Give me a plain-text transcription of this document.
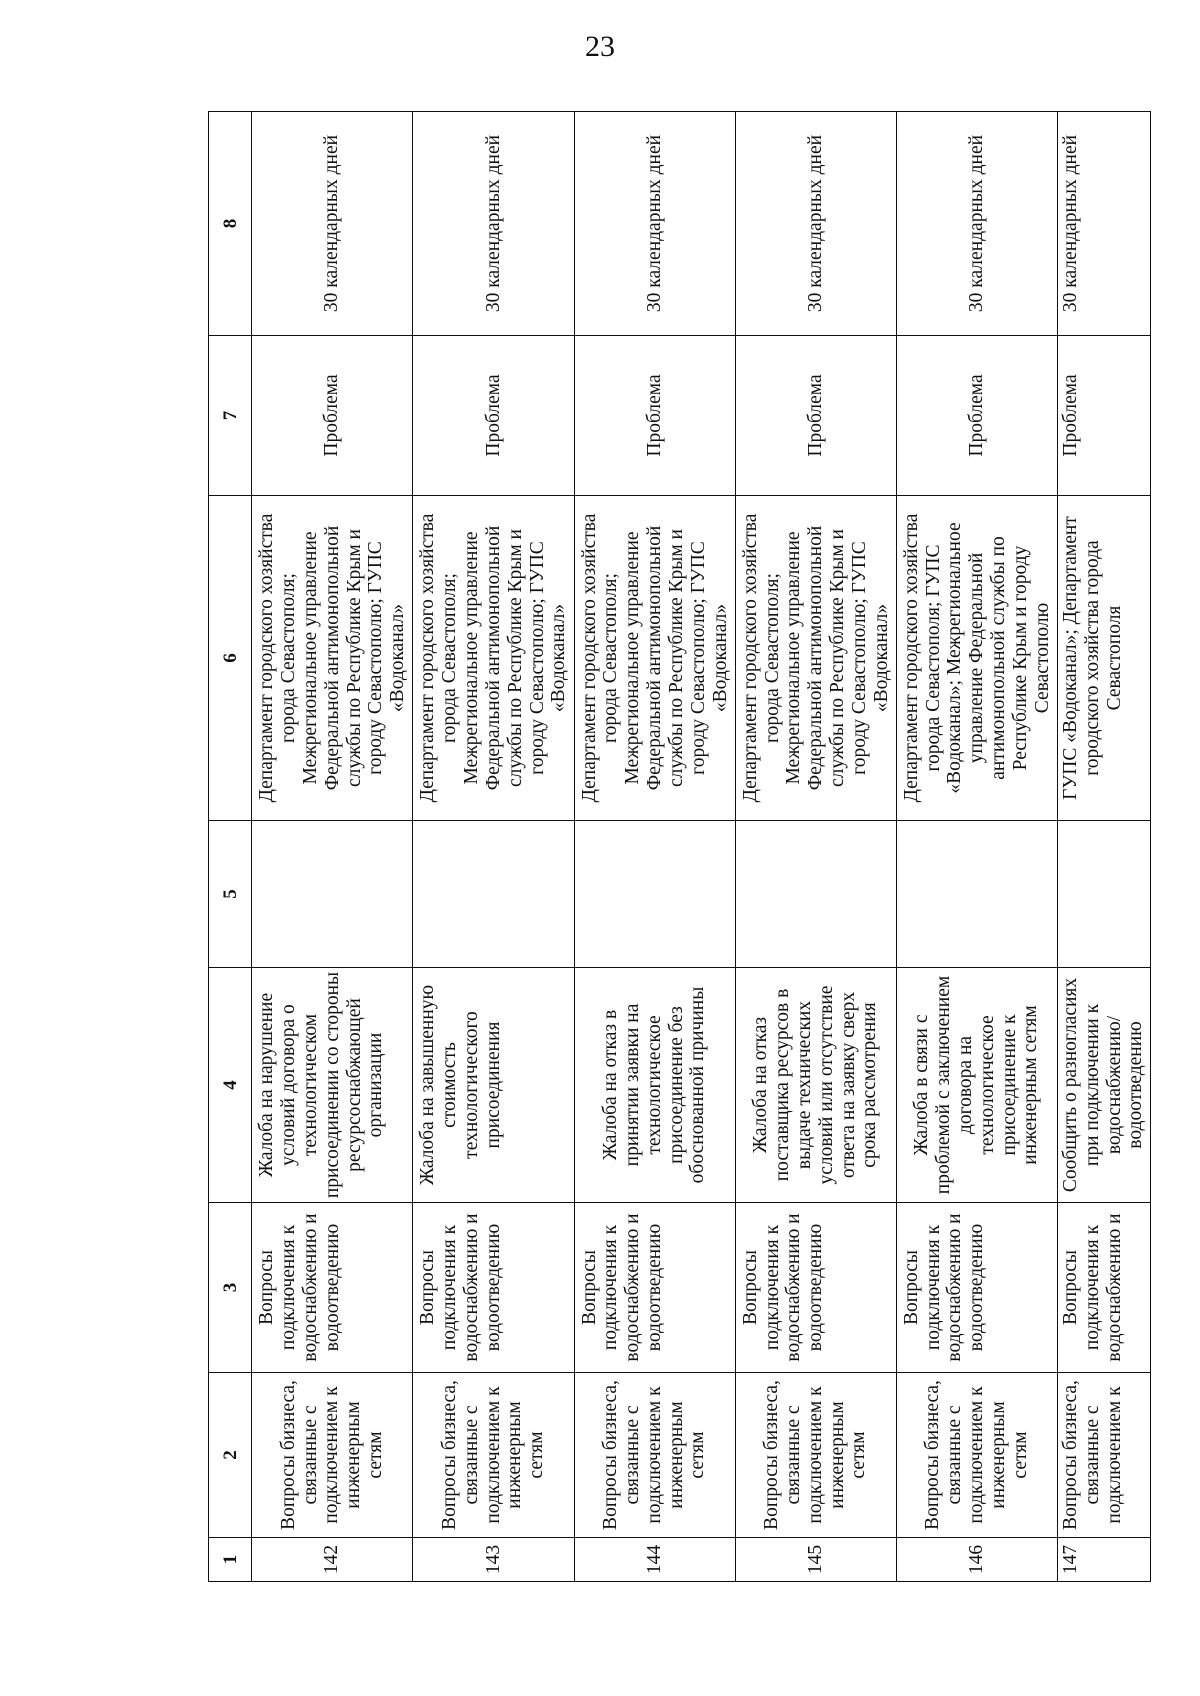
23
1	2	3	4	5	6	7	8
142	Вопросы бизнеса, связанные с подключением к инженерным сетям	Вопросы подключения к водоснабжению и водоотведению	Жалоба на нарушение условий договора о технологическом присоединении со стороны ресурсоснабжающей организации		Департамент городского хозяйства города Севастополя; Межрегиональное управление Федеральной антимонопольной службы по Республике Крым и городу Севастополю; ГУПС «Водоканал»	Проблема	30 календарных дней
143	Вопросы бизнеса, связанные с подключением к инженерным сетям	Вопросы подключения к водоснабжению и водоотведению	Жалоба на завышенную стоимость технологического присоединения		Департамент городского хозяйства города Севастополя; Межрегиональное управление Федеральной антимонопольной службы по Республике Крым и городу Севастополю; ГУПС «Водоканал»	Проблема	30 календарных дней
144	Вопросы бизнеса, связанные с подключением к инженерным сетям	Вопросы подключения к водоснабжению и водоотведению	Жалоба на отказ в принятии заявки на технологическое присоединение без обоснованной причины		Департамент городского хозяйства города Севастополя; Межрегиональное управление Федеральной антимонопольной службы по Республике Крым и городу Севастополю; ГУПС «Водоканал»	Проблема	30 календарных дней
145	Вопросы бизнеса, связанные с подключением к инженерным сетям	Вопросы подключения к водоснабжению и водоотведению	Жалоба на отказ поставщика ресурсов в выдаче технических условий или отсутствие ответа на заявку сверх срока рассмотрения		Департамент городского хозяйства города Севастополя; Межрегиональное управление Федеральной антимонопольной службы по Республике Крым и городу Севастополю; ГУПС «Водоканал»	Проблема	30 календарных дней
146	Вопросы бизнеса, связанные с подключением к инженерным сетям	Вопросы подключения к водоснабжению и водоотведению	Жалоба в связи с проблемой с заключением договора на технологическое присоединение к инженерным сетям		Департамент городского хозяйства города Севастополя; ГУПС «Водоканал»; Межрегиональное управление Федеральной антимонопольной службы по Республике Крым и городу Севастополю	Проблема	30 календарных дней
147	Вопросы бизнеса, связанные с подключением к	Вопросы подключения к водоснабжению и	Сообщить о разногласиях при подключении к водоснабжению/водоотведению		ГУПС «Водоканал»; Департамент городского хозяйства города Севастополя	Проблема	30 календарных дней
